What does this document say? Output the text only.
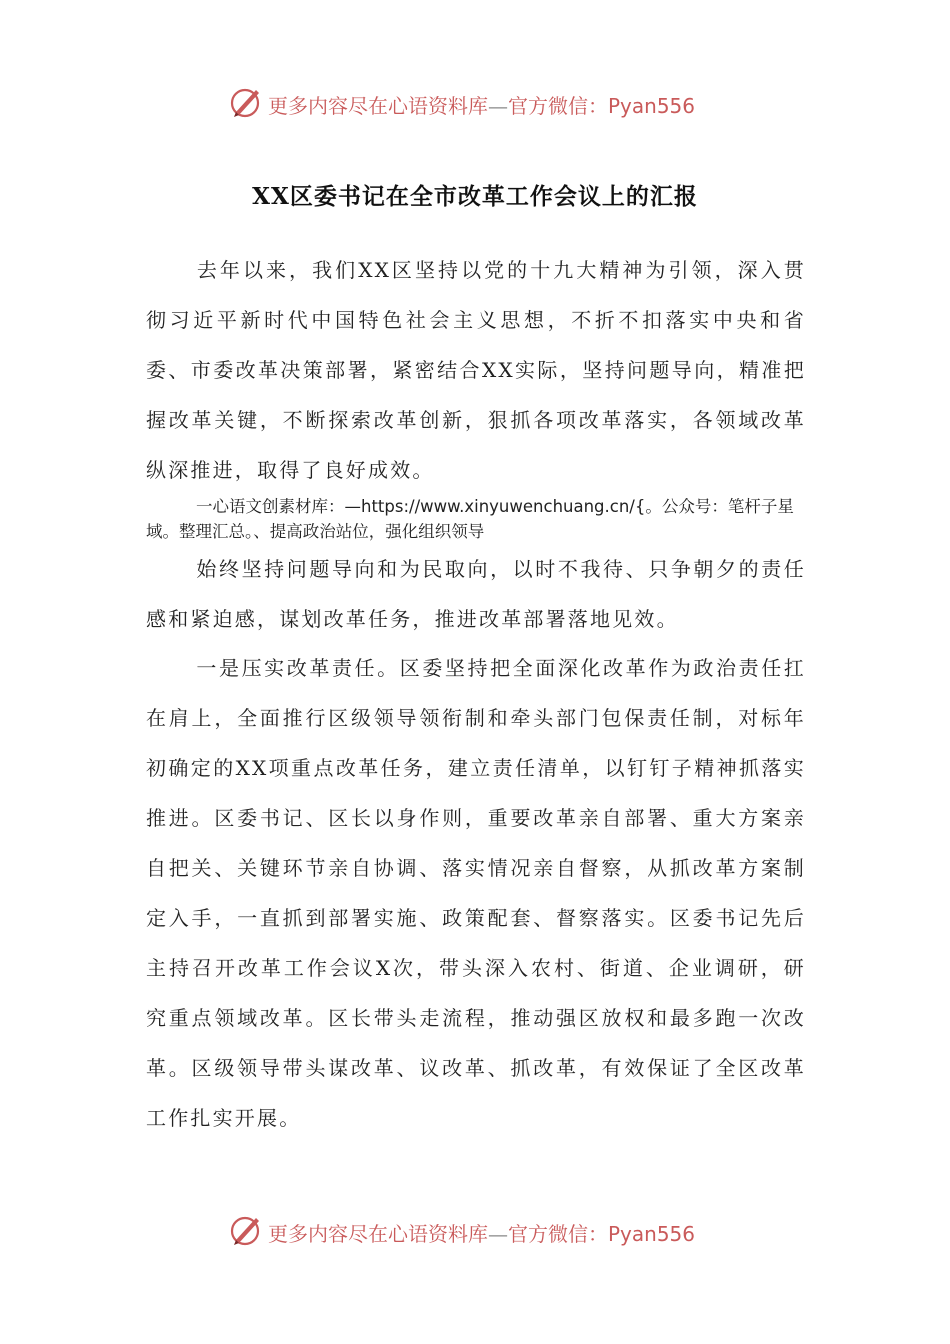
更多内容尽在心语资料库—官方微信：Pyan556
XX区委书记在全市改革工作会议上的汇报

去年以来，我们XX区坚持以党的十九大精神为引领，深入贯彻习近平新时代中国特色社会主义思想，不折不扣落实中央和省委、市委改革决策部署，紧密结合XX实际，坚持问题导向，精准把握改革关键，不断探索改革创新，狠抓各项改革落实，各领域改革纵深推进，取得了良好成效。

一心语文创素材库：—https://www.xinyuwenchuang.cn/{。公众号：笔杆子星域。整理汇总。、提高政治站位，强化组织领导

始终坚持问题导向和为民取向，以时不我待、只争朝夕的责任感和紧迫感，谋划改革任务，推进改革部署落地见效。

一是压实改革责任。区委坚持把全面深化改革作为政治责任扛在肩上，全面推行区级领导领衔制和牵头部门包保责任制，对标年初确定的XX项重点改革任务，建立责任清单，以钉钉子精神抓落实推进。区委书记、区长以身作则，重要改革亲自部署、重大方案亲自把关、关键环节亲自协调、落实情况亲自督察，从抓改革方案制定入手，一直抓到部署实施、政策配套、督察落实。区委书记先后主持召开改革工作会议X次，带头深入农村、街道、企业调研，研究重点领域改革。区长带头走流程，推动强区放权和最多跑一次改革。区级领导带头谋改革、议改革、抓改革，有效保证了全区改革工作扎实开展。

更多内容尽在心语资料库—官方微信：Pyan556
